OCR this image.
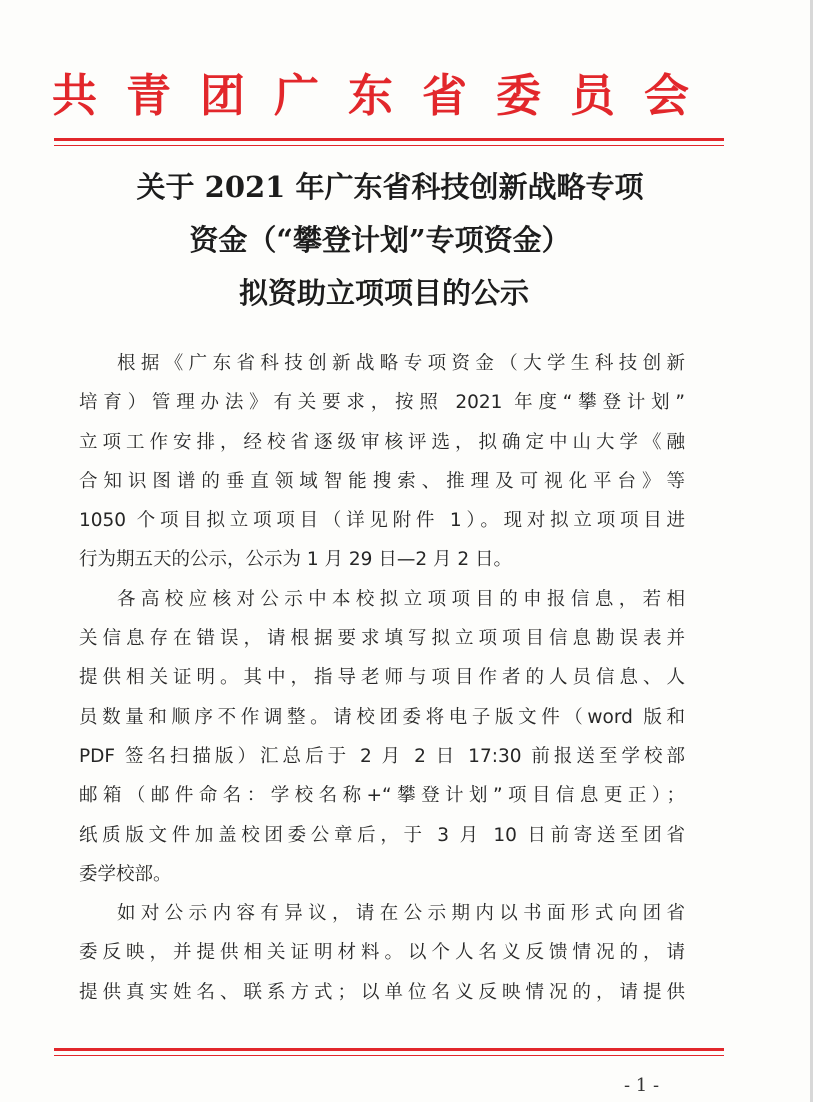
共青团广东省委员会
关于 2021 年广东省科技创新战略专项
资金（“攀登计划”专项资金）
拟资助立项项目的公示
根据《广东省科技创新战略专项资金（大学生科技创新
培育）管理办法》有关要求，按照 2021 年度“攀登计划”
立项工作安排，经校省逐级审核评选，拟确定中山大学《融
合知识图谱的垂直领域智能搜索、推理及可视化平台》等
1050 个项目拟立项项目（详见附件 1）。现对拟立项项目进
行为期五天的公示，公示为 1 月 29 日—2 月 2 日。
各高校应核对公示中本校拟立项项目的申报信息，若相
关信息存在错误，请根据要求填写拟立项项目信息勘误表并
提供相关证明。其中，指导老师与项目作者的人员信息、人
员数量和顺序不作调整。请校团委将电子版文件（word 版和
PDF 签名扫描版）汇总后于 2 月 2 日 17:30 前报送至学校部
邮箱（邮件命名：学校名称+“攀登计划”项目信息更正）；
纸质版文件加盖校团委公章后，于 3 月 10 日前寄送至团省
委学校部。
如对公示内容有异议，请在公示期内以书面形式向团省
委反映，并提供相关证明材料。以个人名义反馈情况的，请
提供真实姓名、联系方式；以单位名义反映情况的，请提供
- 1 -
